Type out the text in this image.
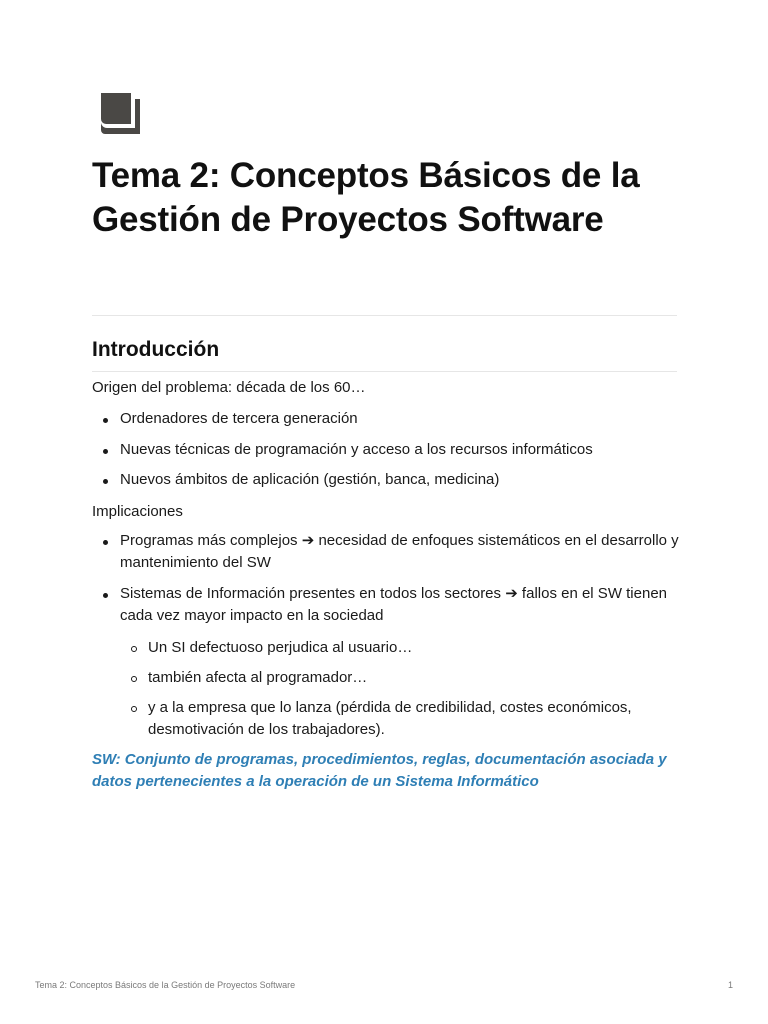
Tema 2: Conceptos Básicos de la Gestión de Proyectos Software
Introducción

Origen del problema: década de los 60…

Ordenadores de tercera generación
Nuevas técnicas de programación y acceso a los recursos informáticos
Nuevos ámbitos de aplicación (gestión, banca, medicina)

Implicaciones

Programas más complejos ➔ necesidad de enfoques sistemáticos en el desarrollo y mantenimiento del SW
Sistemas de Información presentes en todos los sectores ➔ fallos en el SW tienen cada vez mayor impacto en la sociedad
Un SI defectuoso perjudica al usuario…
también afecta al programador…
y a la empresa que lo lanza (pérdida de credibilidad, costes económicos, desmotivación de los trabajadores).

SW: Conjunto de programas, procedimientos, reglas, documentación asociada y datos pertenecientes a la operación de un Sistema Informático

Tema 2: Conceptos Básicos de la Gestión de Proyectos Software	1
